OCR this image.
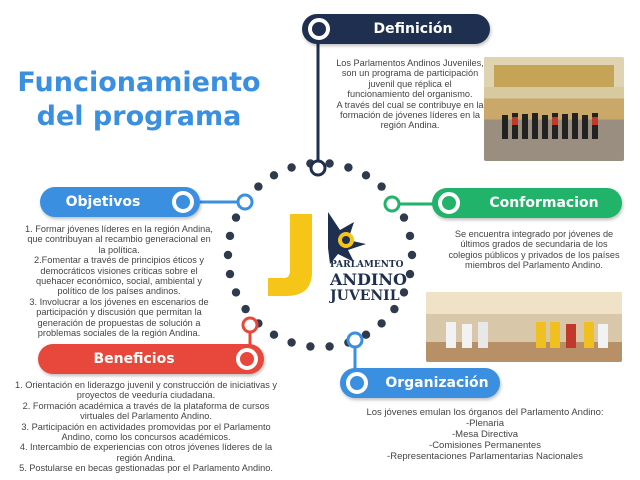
Funcionamiento
del programa
PARLAMENTO
ANDINO
JUVENIL
Definición
Los Parlamentos Andinos Juveniles, son un programa de participación juvenil que réplica el funcionamiento del organismo.
A través del cual se contribuye en la formación de jóvenes líderes en la región Andina.
Objetivos

1. Formar jóvenes líderes en la región Andina, que contribuyan al recambio generacional en la política.

2.Fomentar a través de principios éticos y democráticos visiones críticas sobre el quehacer económico, social, ambiental y político de los países andinos.

3. Involucrar a los jóvenes en escenarios de participación y discusión que permitan la generación de propuestas de solución a problemas sociales de la región Andina.

Conformacion
Se encuentra integrado por jóvenes de últimos grados de secundaria de los colegios públicos y privados de los países miembros del Parlamento Andino.
Beneficios

1. Orientación en liderazgo juvenil y construcción de iniciativas y proyectos de veeduría ciudadana.

2. Formación académica a través de la plataforma de cursos virtuales del Parlamento Andino.

3. Participación en actividades promovidas por el Parlamento Andino, como los concursos académicos.

4. Intercambio de experiencias con otros jóvenes líderes de la región Andina.

5. Postularse en becas gestionadas por el Parlamento Andino.

Organización

Los jóvenes emulan los órganos del Parlamento Andino:

-Plenaria

-Mesa Directiva

-Comisiones Permanentes

-Representaciones Parlamentarias Nacionales
